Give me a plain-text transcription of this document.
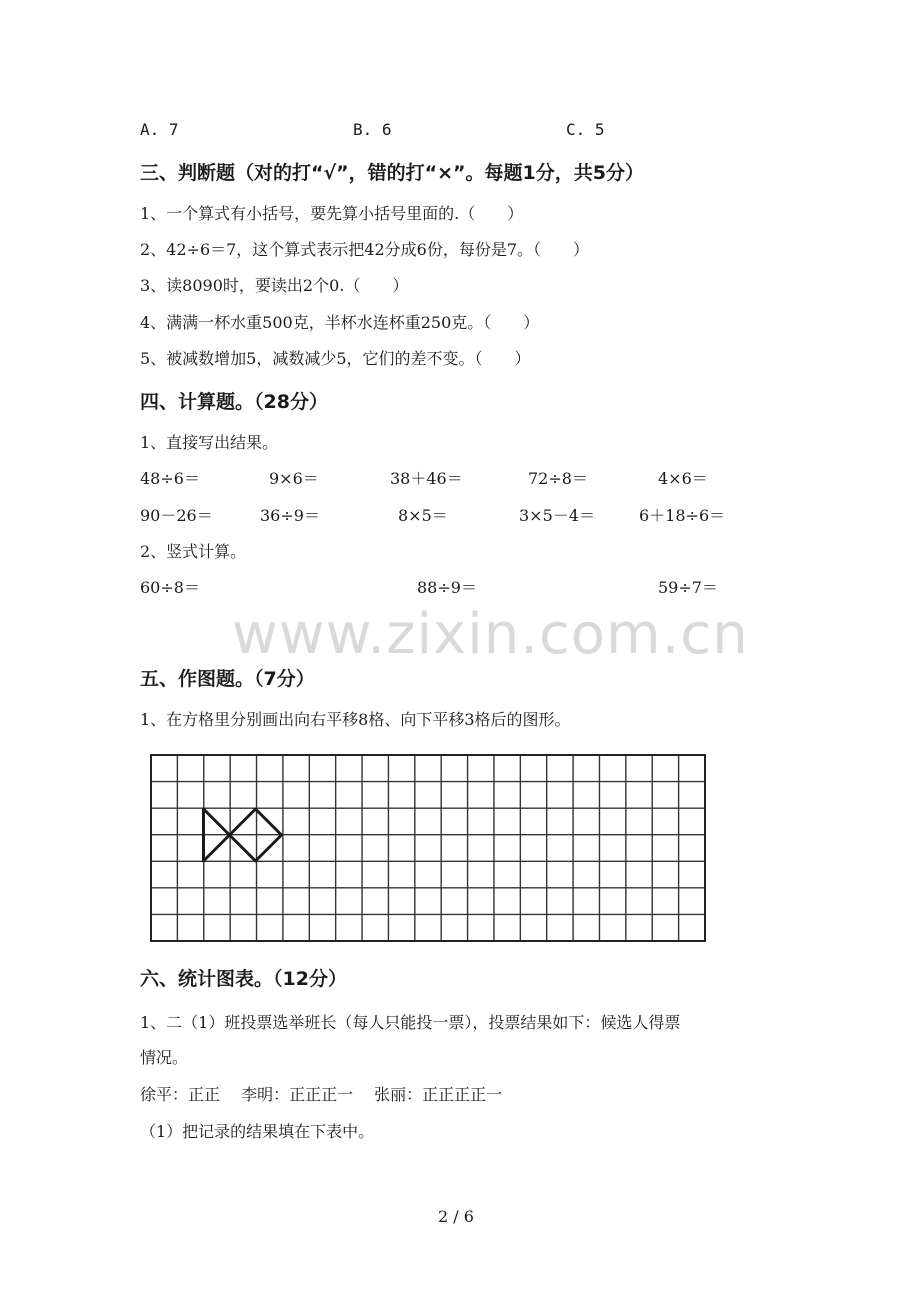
A. 7	B. 6	C. 5
三、判断题（对的打“√”，错的打“×”。每题1分，共5分）
1、一个算式有小括号，要先算小括号里面的.（　　）
2、42÷6＝7，这个算式表示把42分成6份，每份是7。（　　）
3、读8090时，要读出2个0.（　　）
4、满满一杯水重500克，半杯水连杯重250克。（　　）
5、被减数增加5，减数减少5，它们的差不变。（　　）
四、计算题。（28分）
1、直接写出结果。
48÷6＝	9×6＝	38＋46＝	72÷8＝	4×6＝
90－26＝	36÷9＝	8×5＝	3×5－4＝	6＋18÷6＝
2、竖式计算。
60÷8＝	88÷9＝	59÷7＝
www.zixin.com.cn
五、作图题。（7分）
1、在方格里分别画出向右平移8格、向下平移3格后的图形。
六、统计图表。（12分）
1、二（1）班投票选举班长（每人只能投一票），投票结果如下：候选人得票
情况。
徐平：正正　 李明：正正正一　 张丽：正正正正一
（1）把记录的结果填在下表中。
2 / 6
